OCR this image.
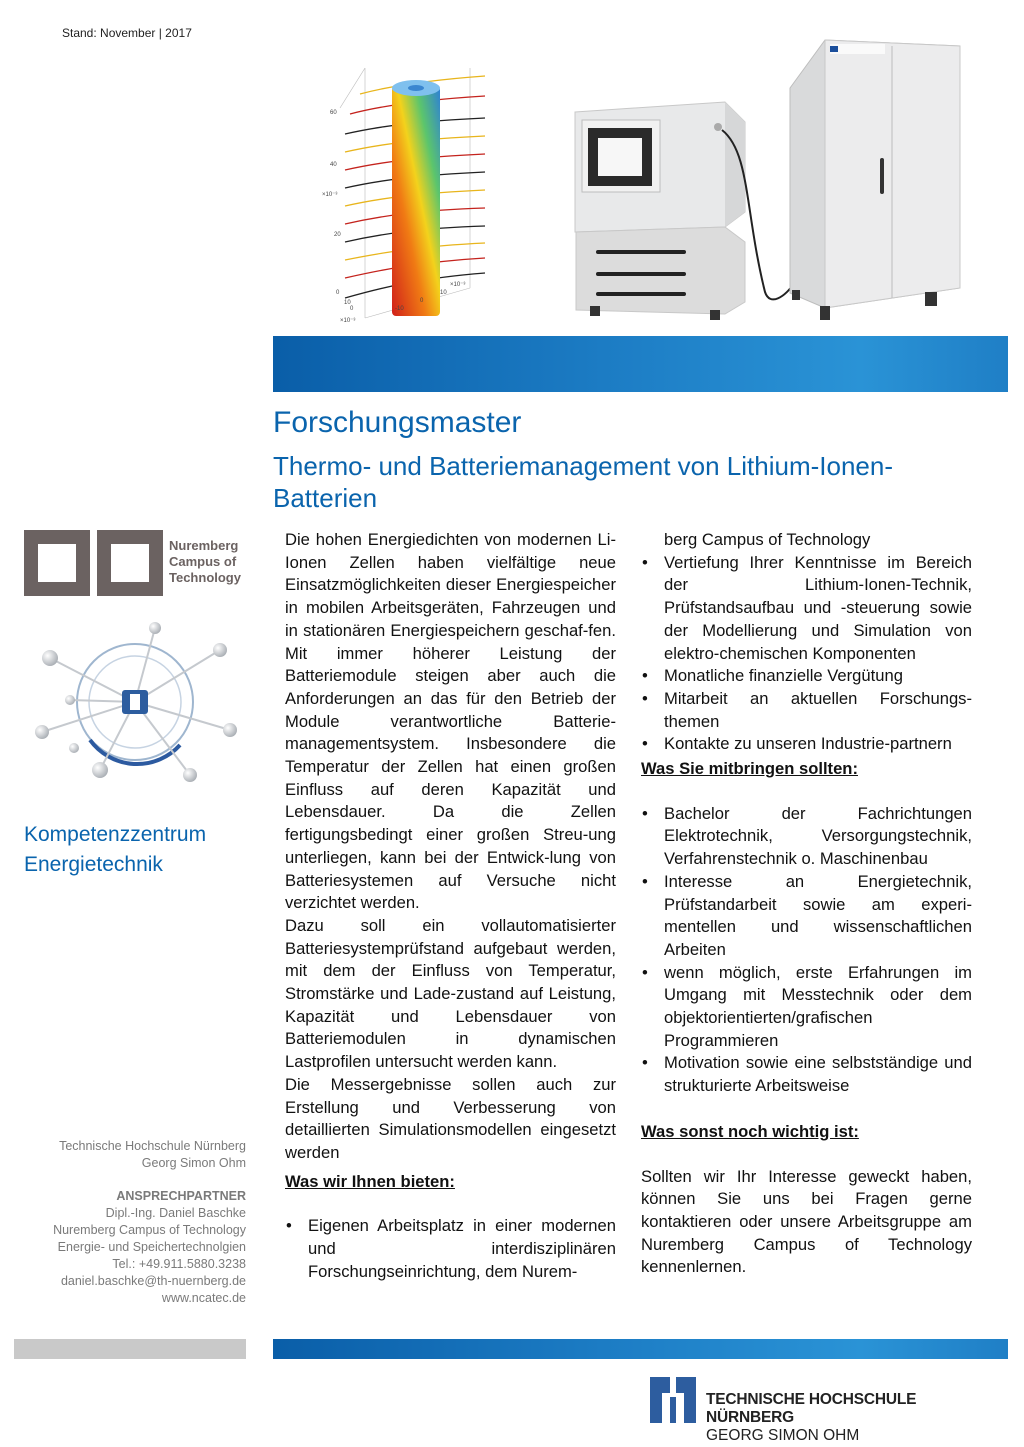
Stand: November | 2017
60
40
×10⁻³
20
0
10
0
×10⁻³
-10
0
10
×10⁻³
Forschungsmaster
Thermo- und Batteriemanagement von Lithium-Ionen-Batterien
Nuremberg
Campus of
Technology
Kompetenzzentrum
Energietechnik
Technische Hochschule Nürnberg
Georg Simon Ohm
ANSPRECHPARTNER
Dipl.-Ing. Daniel Baschke
Nuremberg Campus of Technology
Energie- und Speichertechnolgien
Tel.: +49.911.5880.3238
daniel.baschke@th-nuernberg.de
www.ncatec.de

Die hohen Energiedichten von modernen Li-Ionen Zellen haben vielfältige neue Einsatzmöglichkeiten dieser Energiespeicher in mobilen Arbeitsgeräten, Fahrzeugen und in stationären Energiespeichern geschaf-fen. Mit immer höherer Leistung der Batteriemodule steigen aber auch die Anforderungen an das für den Betrieb der Module verantwortliche Batterie-managementsystem. Insbesondere die Temperatur der Zellen hat einen großen Einfluss auf deren Kapazität und Lebensdauer. Da die Zellen fertigungsbedingt einer großen Streu-ung unterliegen, kann bei der Entwick-lung von Batteriesystemen auf Versuche nicht verzichtet werden.

Dazu soll ein vollautomatisierter Batteriesystemprüfstand aufgebaut werden, mit dem der Einfluss von Temperatur, Stromstärke und Lade-zustand auf Leistung, Kapazität und Lebensdauer von Batteriemodulen in dynamischen Lastprofilen untersucht werden kann.

Die Messergebnisse sollen auch zur Erstellung und Verbesserung von detaillierten Simulationsmodellen eingesetzt werden

Was wir Ihnen bieten:
• Eigenen Arbeitsplatz in einer modernen und interdisziplinären Forschungseinrichtung, dem Nurem-
berg Campus of Technology
• Vertiefung Ihrer Kenntnisse im Bereich der Lithium-Ionen-Technik, Prüfstandsaufbau und -steuerung sowie der Modellierung und Simulation von elektro-chemischen Komponenten
• Monatliche finanzielle Vergütung
• Mitarbeit an aktuellen Forschungs-themen
• Kontakte zu unseren Industrie-partnern
Was Sie mitbringen sollten:
• Bachelor der Fachrichtungen Elektrotechnik, Versorgungstechnik, Verfahrenstechnik o. Maschinenbau
• Interesse an Energietechnik, Prüfstandarbeit sowie am experi-mentellen und wissenschaftlichen Arbeiten
• wenn möglich, erste Erfahrungen im Umgang mit Messtechnik oder dem objektorientierten/grafischen Programmieren
• Motivation sowie eine selbstständige und strukturierte Arbeitsweise
Was sonst noch wichtig ist:

Sollten wir Ihr Interesse geweckt haben, können Sie uns bei Fragen gerne kontaktieren oder unsere Arbeitsgruppe am Nuremberg Campus of Technology kennenlernen.

TECHNISCHE HOCHSCHULE NÜRNBERG
GEORG SIMON OHM
